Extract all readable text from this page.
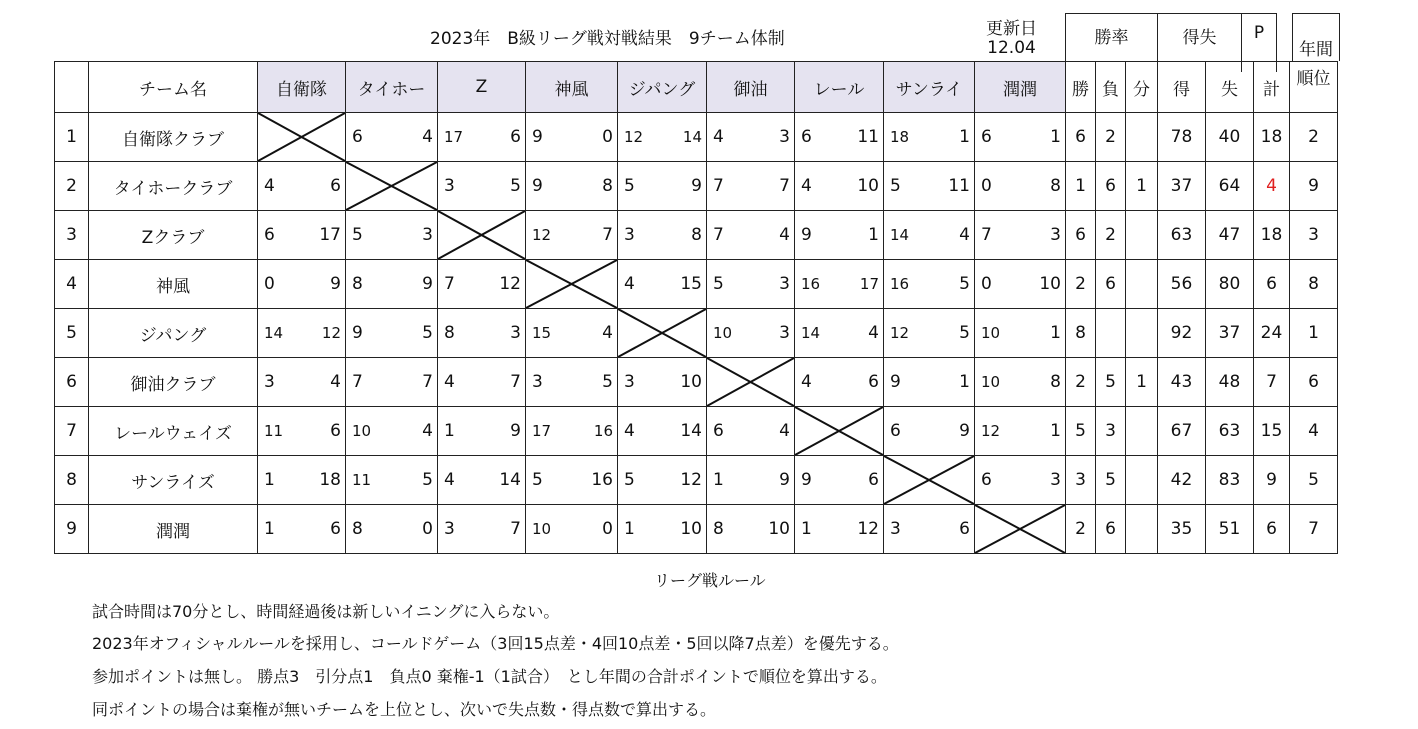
2023年　B級リーグ戦対戦結果　9チーム体制	更新日
12.04	勝率	得失	P
年間
	チーム名	自衛隊	タイホー	Z	神風	ジパング	御油	レール	サンライ	潤潤	勝	負	分	得	失	計	順位
1	自衛隊クラブ		6 4	17 6	9 0	12 14	4 3	6 11	18 1	6 1	6	2		78	40	18	2
2	タイホークラブ	4 6		3 5	9 8	5 9	7 7	4 10	5 11	0 8	1	6	1	37	64	4	9
3	Zクラブ	6 17	5 3		12 7	3 8	7 4	9 1	14 4	7 3	6	2		63	47	18	3
4	神風	0 9	8 9	7 12		4 15	5 3	16 17	16 5	0 10	2	6		56	80	6	8
5	ジパング	14 12	9 5	8 3	15 4		10 3	14 4	12 5	10 1	8			92	37	24	1
6	御油クラブ	3 4	7 7	4 7	3 5	3 10		4 6	9 1	10 8	2	5	1	43	48	7	6
7	レールウェイズ	11 6	10 4	1 9	17 16	4 14	6 4		6 9	12 1	5	3		67	63	15	4
8	サンライズ	1 18	11 5	4 14	5 16	5 12	1 9	9 6		6 3	3	5		42	83	9	5
9	潤潤	1 6	8 0	3 7	10 0	1 10	8 10	1 12	3 6		2	6		35	51	6	7
リーグ戦ルール
試合時間は70分とし、時間経過後は新しいイニングに入らない。
2023年オフィシャルルールを採用し、コールドゲーム（3回15点差・4回10点差・5回以降7点差）を優先する。
参加ポイントは無し。 勝点3　引分点1　負点0 棄権-1（1試合）　とし年間の合計ポイントで順位を算出する。
同ポイントの場合は棄権が無いチームを上位とし、次いで失点数・得点数で算出する。
